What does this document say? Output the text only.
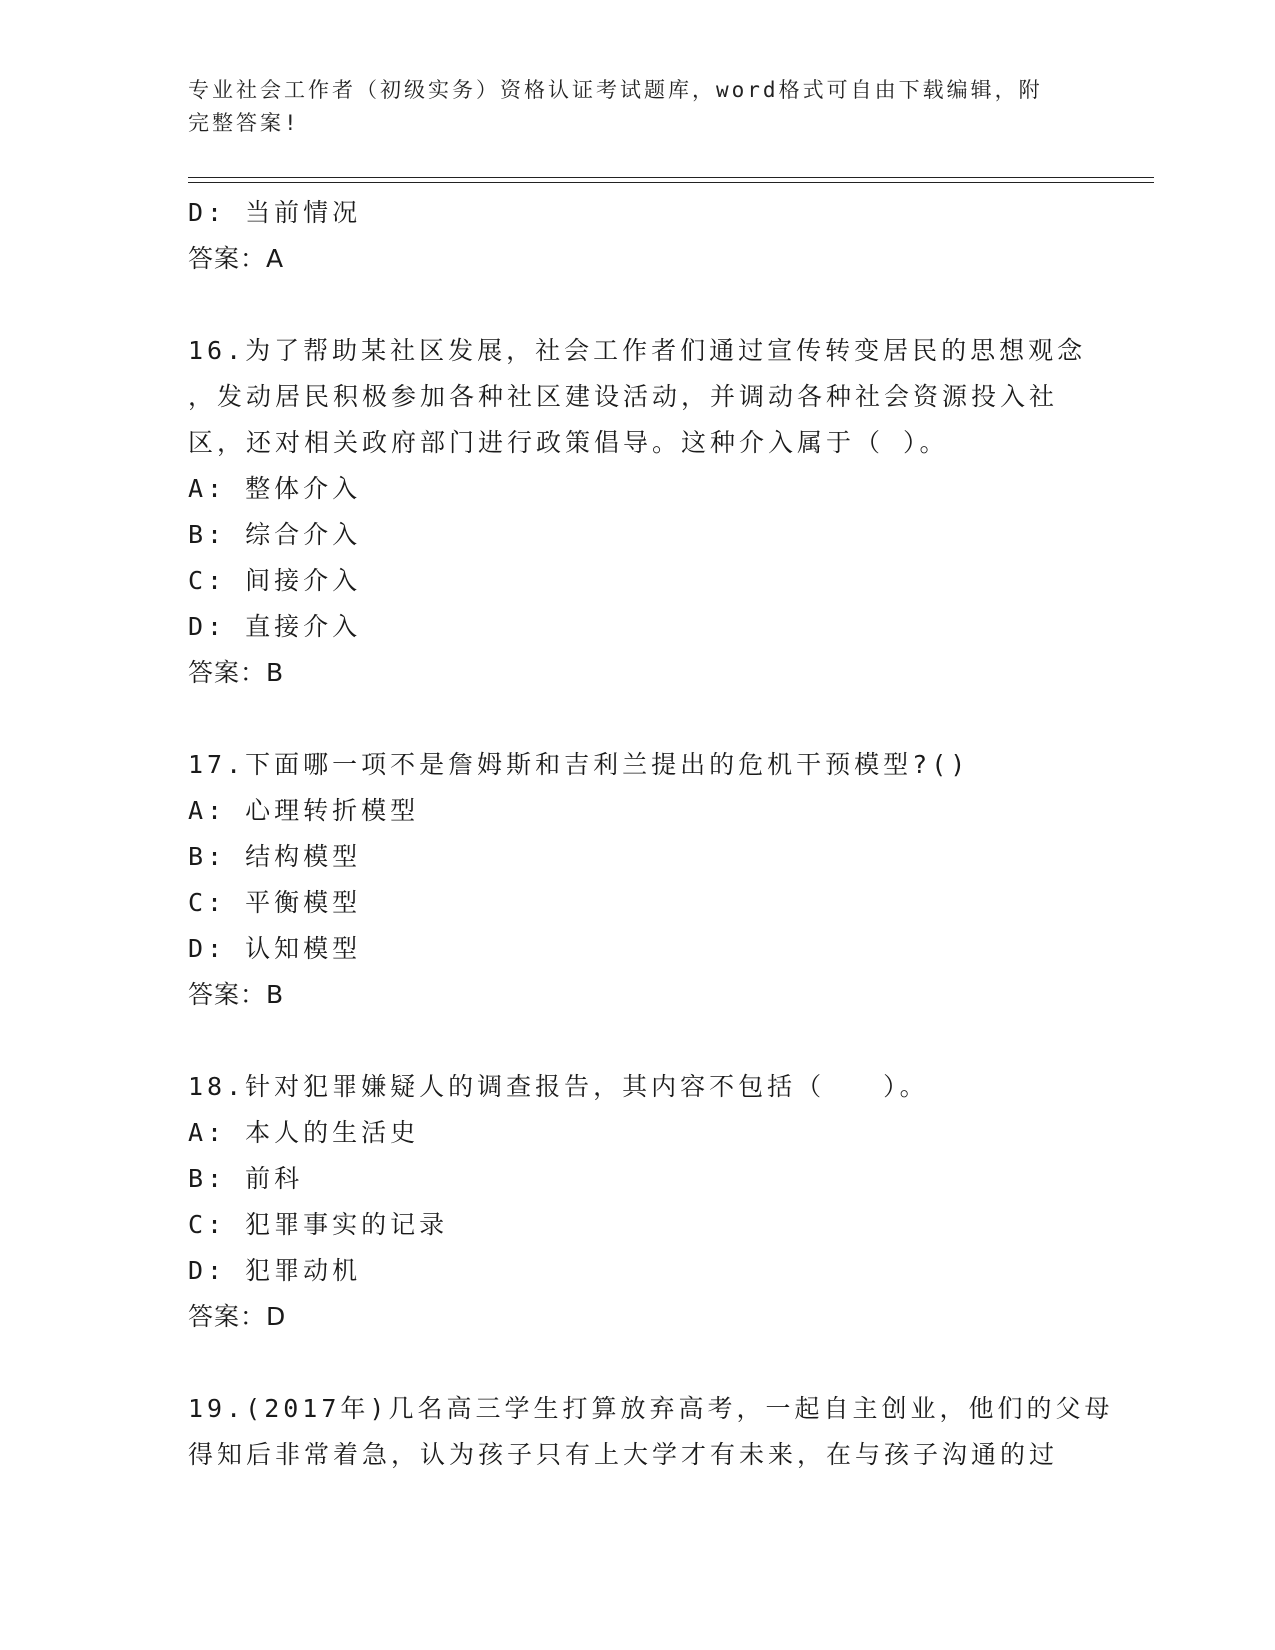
专业社会工作者（初级实务）资格认证考试题库，word格式可自由下载编辑，附
完整答案!
D: 当前情况
答案：A
16.为了帮助某社区发展，社会工作者们通过宣传转变居民的思想观念
，发动居民积极参加各种社区建设活动，并调动各种社会资源投入社
区，还对相关政府部门进行政策倡导。这种介入属于（ ）。
A: 整体介入
B: 综合介入
C: 间接介入
D: 直接介入
答案：B
17.下面哪一项不是詹姆斯和吉利兰提出的危机干预模型?()
A: 心理转折模型
B: 结构模型
C: 平衡模型
D: 认知模型
答案：B
18.针对犯罪嫌疑人的调查报告，其内容不包括（　　）。
A: 本人的生活史
B: 前科
C: 犯罪事实的记录
D: 犯罪动机
答案：D
19.(2017年)几名高三学生打算放弃高考，一起自主创业，他们的父母
得知后非常着急，认为孩子只有上大学才有未来，在与孩子沟通的过
